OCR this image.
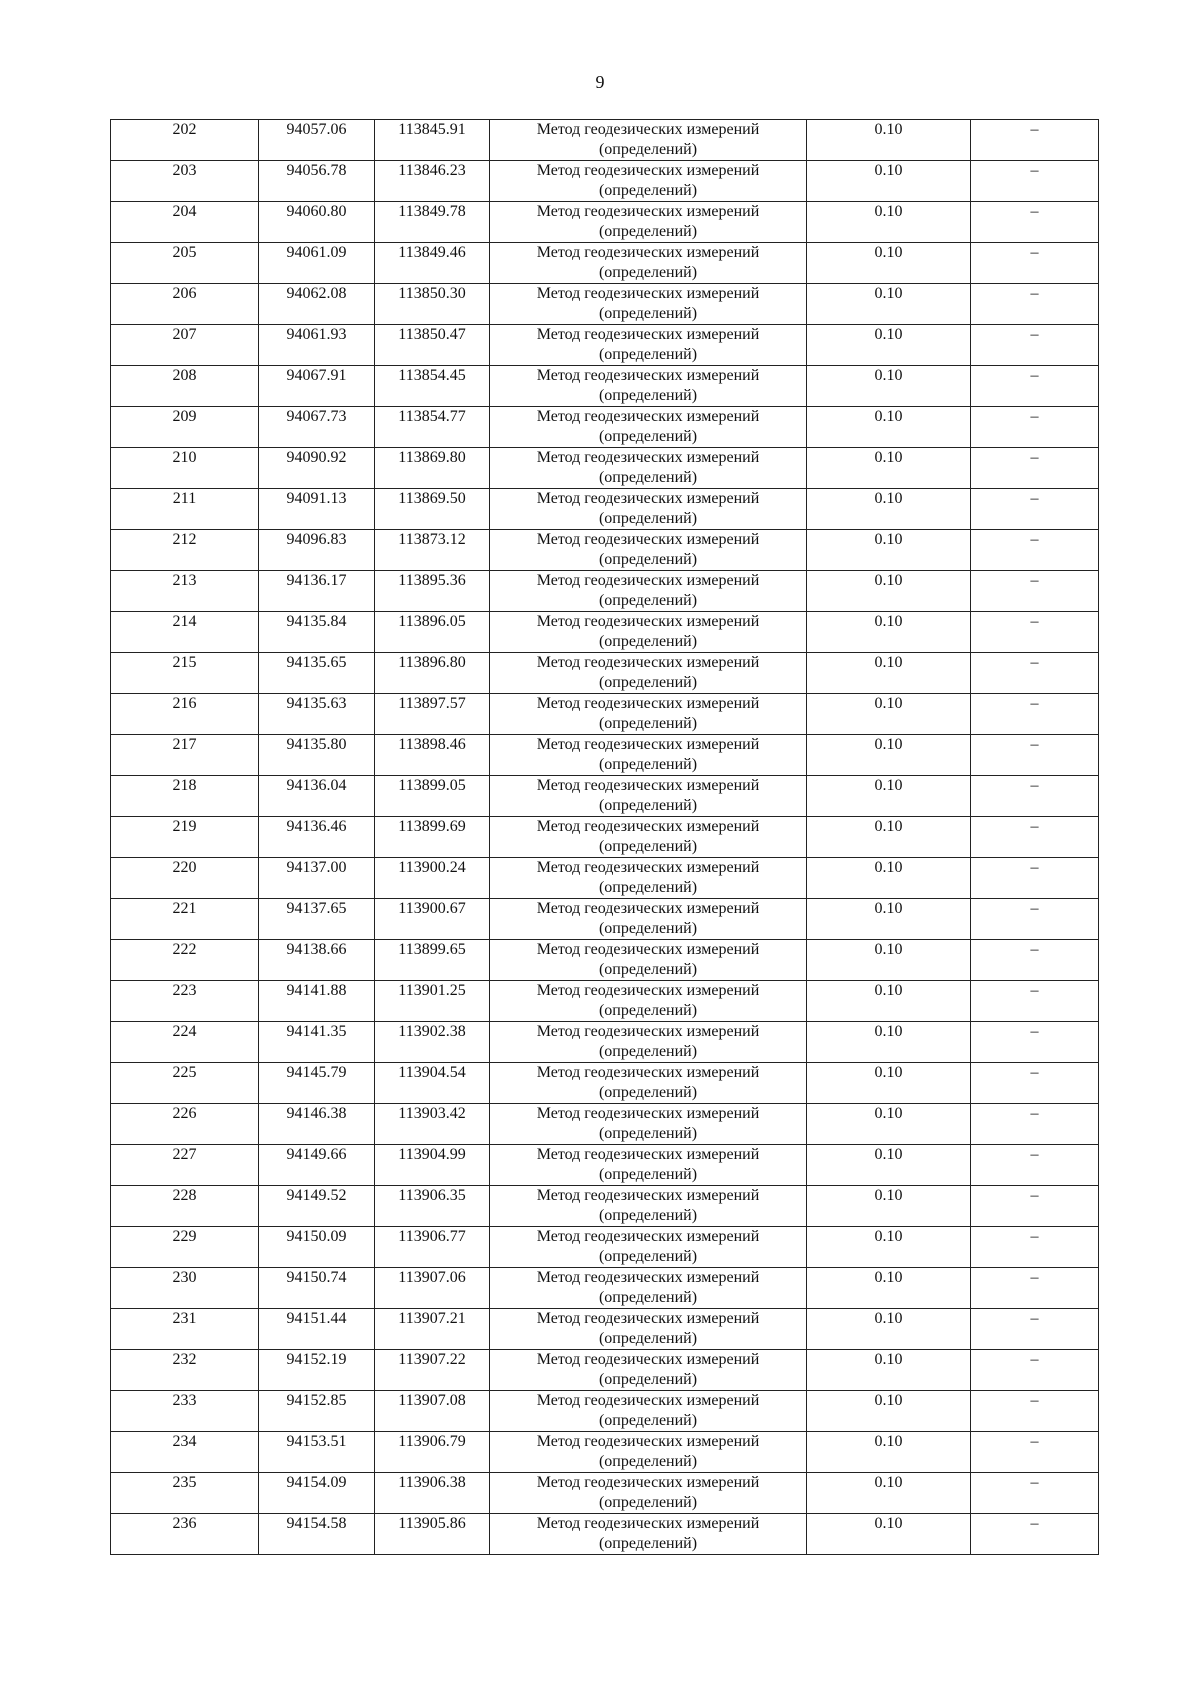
9
202	94057.06	113845.91	Метод геодезических измерений
(определений)	0.10	–
203	94056.78	113846.23	Метод геодезических измерений
(определений)	0.10	–
204	94060.80	113849.78	Метод геодезических измерений
(определений)	0.10	–
205	94061.09	113849.46	Метод геодезических измерений
(определений)	0.10	–
206	94062.08	113850.30	Метод геодезических измерений
(определений)	0.10	–
207	94061.93	113850.47	Метод геодезических измерений
(определений)	0.10	–
208	94067.91	113854.45	Метод геодезических измерений
(определений)	0.10	–
209	94067.73	113854.77	Метод геодезических измерений
(определений)	0.10	–
210	94090.92	113869.80	Метод геодезических измерений
(определений)	0.10	–
211	94091.13	113869.50	Метод геодезических измерений
(определений)	0.10	–
212	94096.83	113873.12	Метод геодезических измерений
(определений)	0.10	–
213	94136.17	113895.36	Метод геодезических измерений
(определений)	0.10	–
214	94135.84	113896.05	Метод геодезических измерений
(определений)	0.10	–
215	94135.65	113896.80	Метод геодезических измерений
(определений)	0.10	–
216	94135.63	113897.57	Метод геодезических измерений
(определений)	0.10	–
217	94135.80	113898.46	Метод геодезических измерений
(определений)	0.10	–
218	94136.04	113899.05	Метод геодезических измерений
(определений)	0.10	–
219	94136.46	113899.69	Метод геодезических измерений
(определений)	0.10	–
220	94137.00	113900.24	Метод геодезических измерений
(определений)	0.10	–
221	94137.65	113900.67	Метод геодезических измерений
(определений)	0.10	–
222	94138.66	113899.65	Метод геодезических измерений
(определений)	0.10	–
223	94141.88	113901.25	Метод геодезических измерений
(определений)	0.10	–
224	94141.35	113902.38	Метод геодезических измерений
(определений)	0.10	–
225	94145.79	113904.54	Метод геодезических измерений
(определений)	0.10	–
226	94146.38	113903.42	Метод геодезических измерений
(определений)	0.10	–
227	94149.66	113904.99	Метод геодезических измерений
(определений)	0.10	–
228	94149.52	113906.35	Метод геодезических измерений
(определений)	0.10	–
229	94150.09	113906.77	Метод геодезических измерений
(определений)	0.10	–
230	94150.74	113907.06	Метод геодезических измерений
(определений)	0.10	–
231	94151.44	113907.21	Метод геодезических измерений
(определений)	0.10	–
232	94152.19	113907.22	Метод геодезических измерений
(определений)	0.10	–
233	94152.85	113907.08	Метод геодезических измерений
(определений)	0.10	–
234	94153.51	113906.79	Метод геодезических измерений
(определений)	0.10	–
235	94154.09	113906.38	Метод геодезических измерений
(определений)	0.10	–
236	94154.58	113905.86	Метод геодезических измерений
(определений)	0.10	–
